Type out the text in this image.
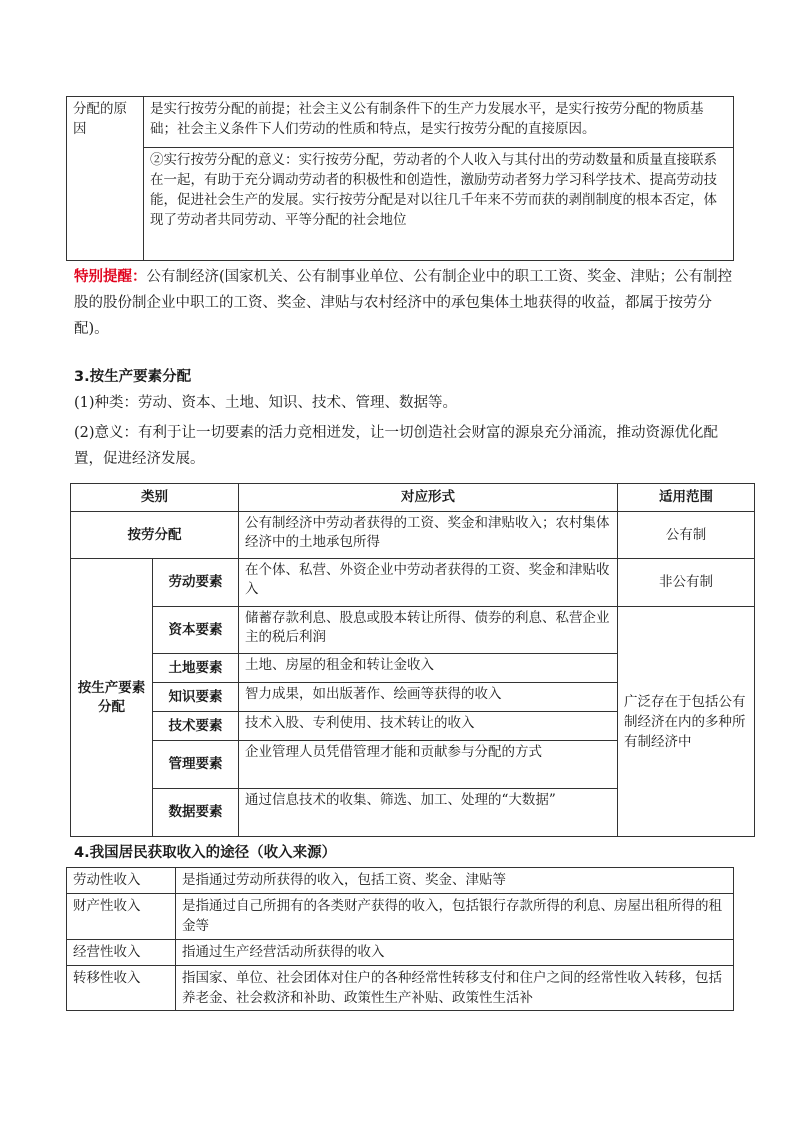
分配的原因	是实行按劳分配的前提；社会主义公有制条件下的生产力发展水平，是实行按劳分配的物质基础；社会主义条件下人们劳动的性质和特点，是实行按劳分配的直接原因。
②实行按劳分配的意义：实行按劳分配，劳动者的个人收入与其付出的劳动数量和质量直接联系在一起，有助于充分调动劳动者的积极性和创造性，激励劳动者努力学习科学技术、提高劳动技能，促进社会生产的发展。实行按劳分配是对以往几千年来不劳而获的剥削制度的根本否定，体现了劳动者共同劳动、平等分配的社会地位
特别提醒：公有制经济(国家机关、公有制事业单位、公有制企业中的职工工资、奖金、津贴；公有制控股的股份制企业中职工的工资、奖金、津贴与农村经济中的承包集体土地获得的收益，都属于按劳分配)。
3.按生产要素分配
(1)种类：劳动、资本、土地、知识、技术、管理、数据等。
(2)意义：有利于让一切要素的活力竞相迸发，让一切创造社会财富的源泉充分涌流，推动资源优化配置，促进经济发展。
类别		对应形式	适用范围
按劳分配		公有制经济中劳动者获得的工资、奖金和津贴收入；农村集体经济中的土地承包所得	公有制
按生产要素分配	劳动要素	在个体、私营、外资企业中劳动者获得的工资、奖金和津贴收入	非公有制
	资本要素	储蓄存款利息、股息或股本转让所得、债券的利息、私营企业主的税后利润	广泛存在于包括公有制经济在内的多种所有制经济中
	土地要素	土地、房屋的租金和转让金收入	
	知识要素	智力成果，如出版著作、绘画等获得的收入	
	技术要素	技术入股、专利使用、技术转让的收入	
	管理要素	企业管理人员凭借管理才能和贡献参与分配的方式	
	数据要素	通过信息技术的收集、筛选、加工、处理的“大数据”	
4.我国居民获取收入的途径（收入来源）
劳动性收入	是指通过劳动所获得的收入，包括工资、奖金、津贴等
财产性收入	是指通过自己所拥有的各类财产获得的收入，包括银行存款所得的利息、房屋出租所得的租金等
经营性收入	指通过生产经营活动所获得的收入
转移性收入	指国家、单位、社会团体对住户的各种经常性转移支付和住户之间的经常性收入转移，包括养老金、社会救济和补助、政策性生产补贴、政策性生活补
